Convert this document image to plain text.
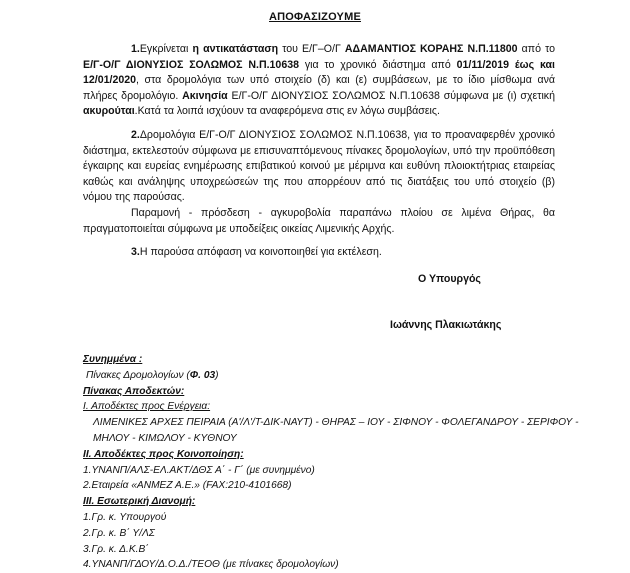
ΑΠΟΦΑΣΙΖΟΥΜΕ

1.Εγκρίνεται η αντικατάσταση του Ε/Γ–Ο/Γ ΑΔΑΜΑΝΤΙΟΣ ΚΟΡΑΗΣ Ν.Π.11800 από το Ε/Γ-Ο/Γ ΔΙΟΝΥΣΙΟΣ ΣΟΛΩΜΟΣ Ν.Π.10638 για το χρονικό διάστημα από 01/11/2019 έως και 12/01/2020, στα δρομολόγια των υπό στοιχείο (δ) και (ε) συμβάσεων, με το ίδιο μίσθωμα ανά πλήρες δρομολόγιο. Ακινησία Ε/Γ-Ο/Γ ΔΙΟΝΥΣΙΟΣ ΣΟΛΩΜΟΣ Ν.Π.10638 σύμφωνα με (ι) σχετική ακυρούται.Κατά τα λοιπά ισχύουν τα αναφερόμενα στις εν λόγω συμβάσεις.

2.Δρομολόγια Ε/Γ-Ο/Γ ΔΙΟΝΥΣΙΟΣ ΣΟΛΩΜΟΣ Ν.Π.10638, για το προαναφερθέν χρονικό διάστημα, εκτελεστούν σύμφωνα με επισυναπτόμενους πίνακες δρομολογίων, υπό την προϋπόθεση έγκαιρης και ευρείας ενημέρωσης επιβατικού κοινού με μέριμνα και ευθύνη πλοιοκτήτριας εταιρείας καθώς και ανάληψης υποχρεώσεών της που απορρέουν από τις διατάξεις του υπό στοιχείο (β) νόμου της παρούσας.

Παραμονή - πρόσδεση - αγκυροβολία παραπάνω πλοίου σε λιμένα Θήρας, θα πραγματοποιείται σύμφωνα με υποδείξεις οικείας Λιμενικής Αρχής.

3.Η παρούσα απόφαση να κοινοποιηθεί για εκτέλεση.

Ο Υπουργός
Ιωάννης Πλακιωτάκης
Συνημμένα :
Πίνακες Δρομολογίων (Φ. 03)
Πίνακας Αποδεκτών:
Ι. Αποδέκτες προς Ενέργεια:
ΛΙΜΕΝΙΚΕΣ ΑΡΧΕΣ ΠΕΙΡΑΙΑ (Α'/Λ'/Τ-ΔΙΚ-ΝΑΥΤ) - ΘΗΡΑΣ – ΙΟΥ - ΣΙΦΝΟΥ - ΦΟΛΕΓΑΝΔΡΟΥ - ΣΕΡΙΦΟΥ - ΜΗΛΟΥ - ΚΙΜΩΛΟΥ - ΚΥΘΝΟΥ
ΙΙ. Αποδέκτες προς Κοινοποίηση:
1.ΥΝΑΝΠ/ΑΛΣ-ΕΛ.ΑΚΤ/ΔΘΣ Α΄ - Γ΄ (με συνημμένο)
2.Εταιρεία «ΑΝΜΕΖ Α.Ε.» (FAX:210-4101668)
ΙΙΙ. Εσωτερική Διανομή:
1.Γρ. κ. Υπουργού
2.Γρ. κ. Β΄ Υ/ΛΣ
3.Γρ. κ. Δ.Κ.Β΄
4.ΥΝΑΝΠ/ΓΔΟΥ/Δ.Ο.Δ./ΤΕΟΘ (με πίνακες δρομολογίων)
